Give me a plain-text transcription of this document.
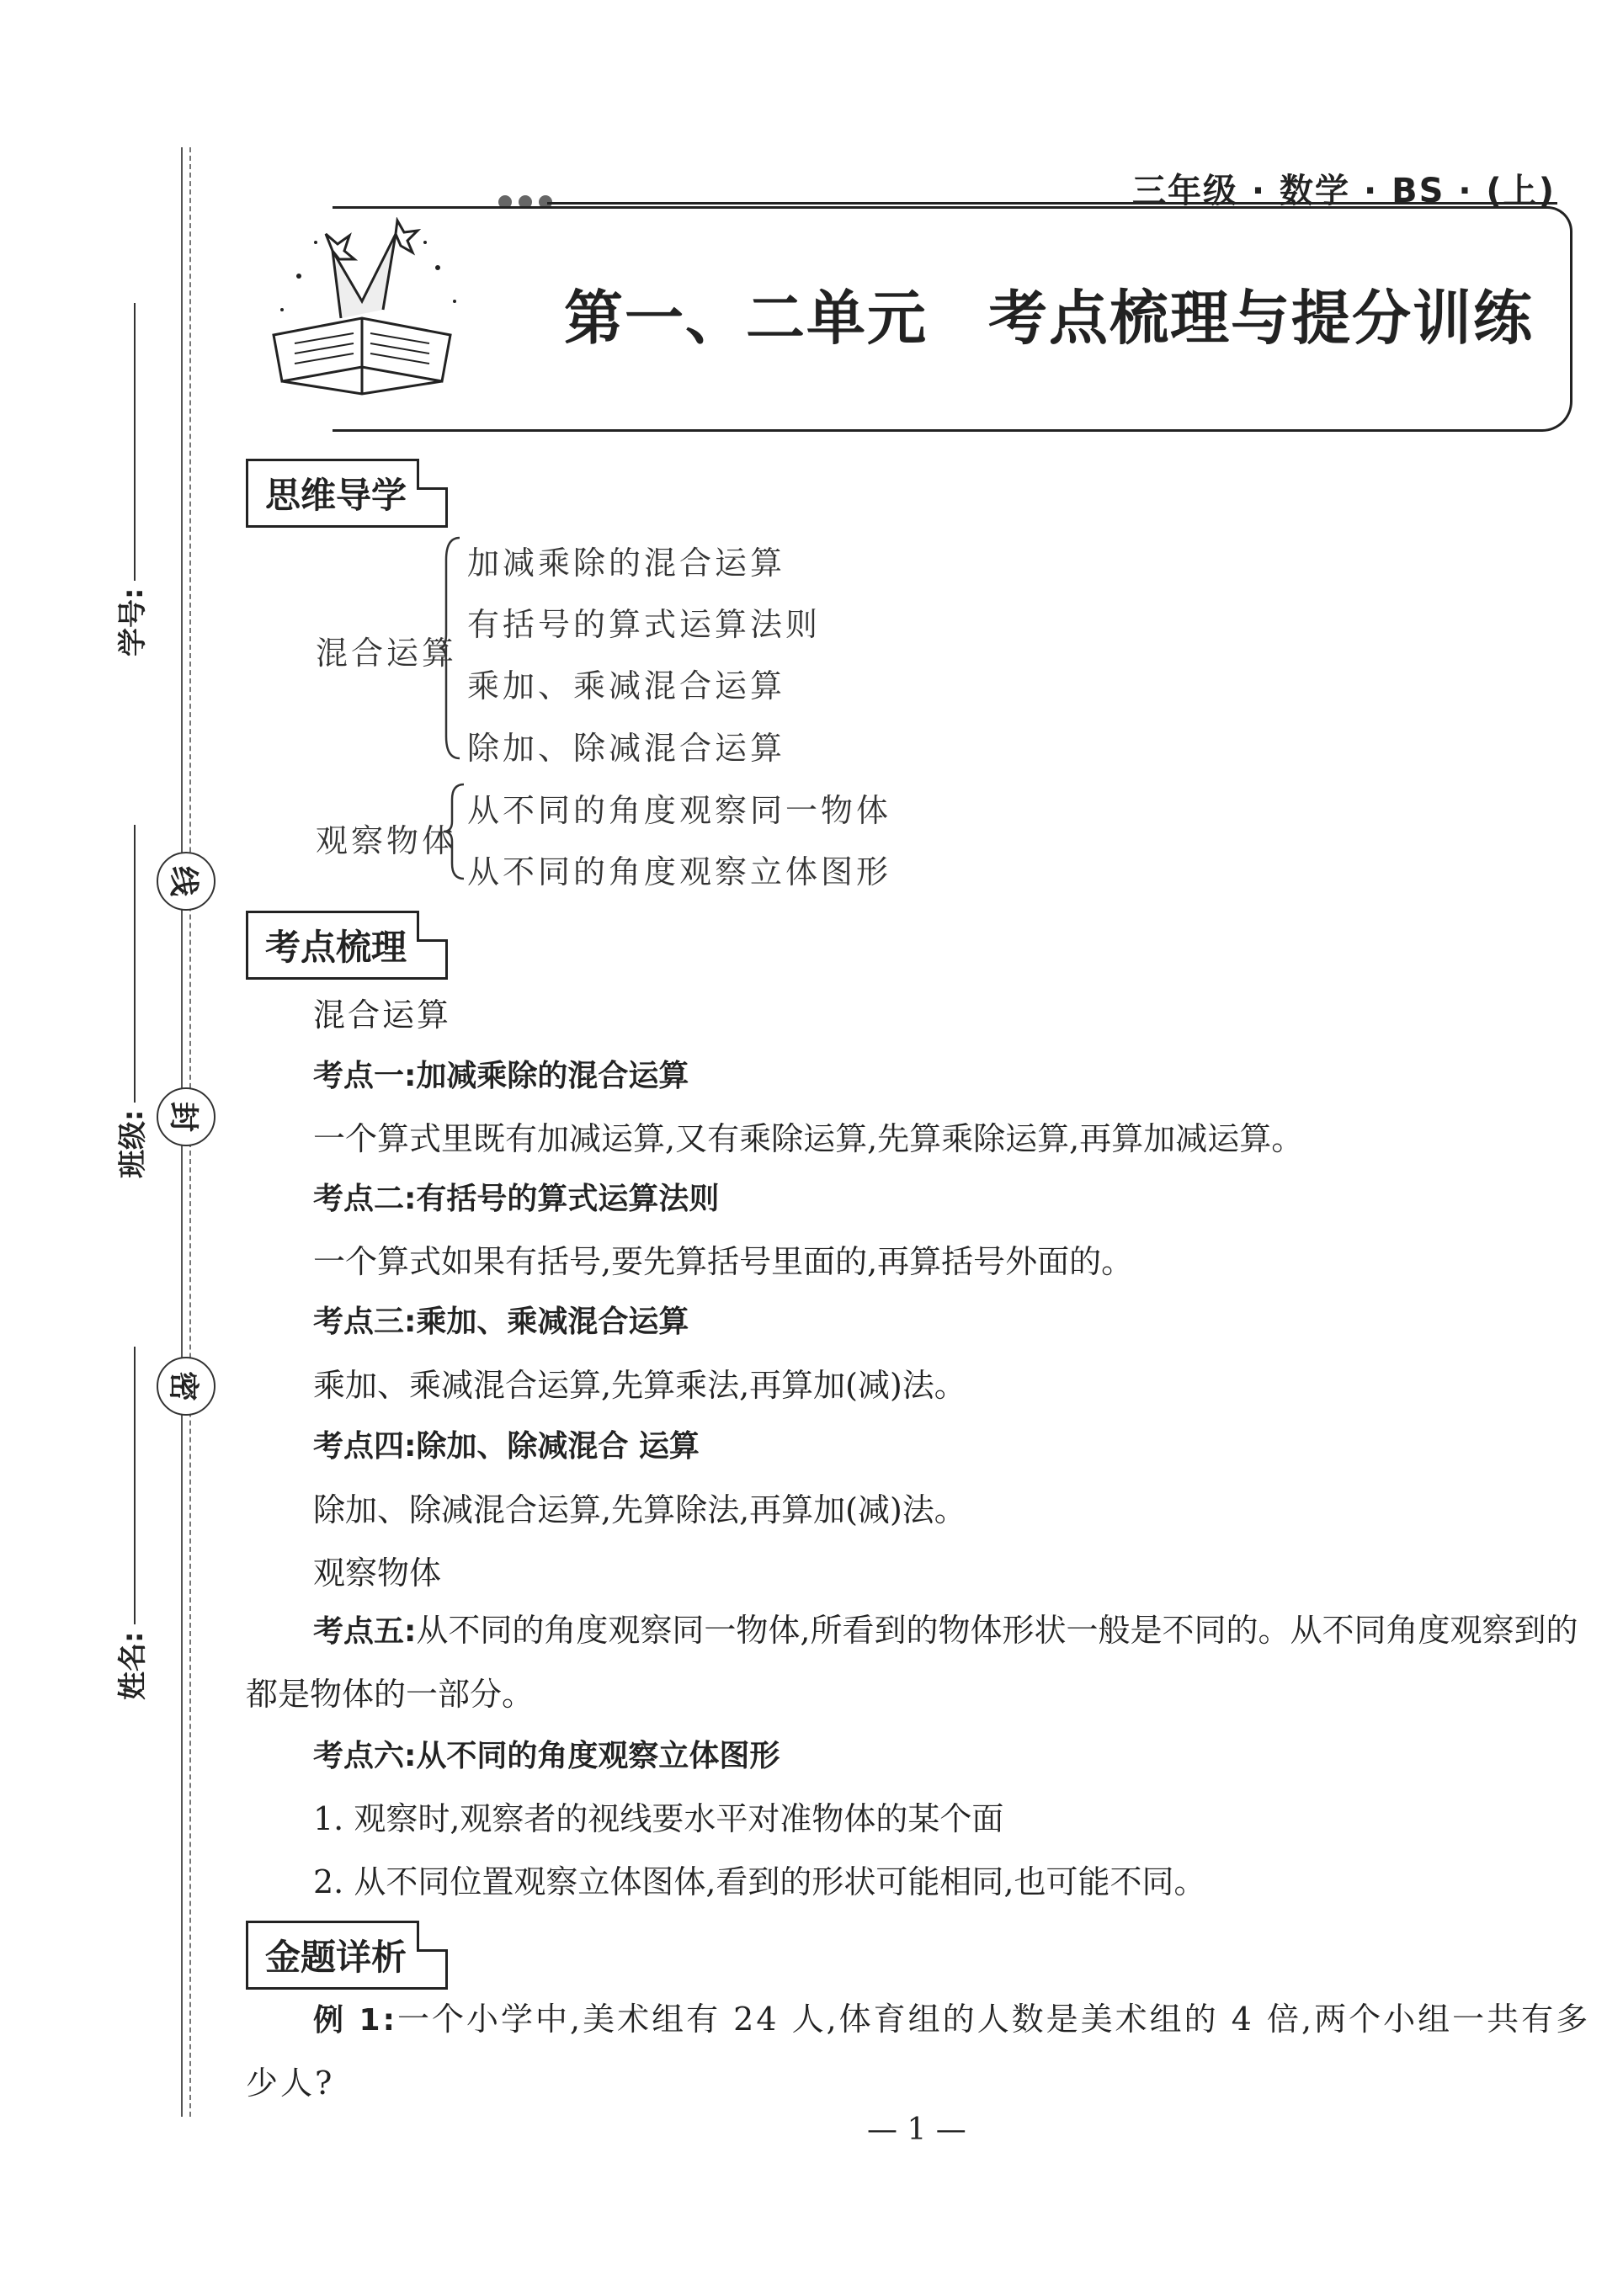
线
封
密
学号:
班级:
姓名:
三年级 · 数学 · BS · (上)
第一、二单元　考点梳理与提分训练
思维导学
混合运算
加减乘除的混合运算
有括号的算式运算法则
乘加、乘减混合运算
除加、除减混合运算
观察物体
从不同的角度观察同一物体
从不同的角度观察立体图形
考点梳理
混合运算
考点一:加减乘除的混合运算
一个算式里既有加减运算,又有乘除运算,先算乘除运算,再算加减运算。
考点二:有括号的算式运算法则
一个算式如果有括号,要先算括号里面的,再算括号外面的。
考点三:乘加、乘减混合运算
乘加、乘减混合运算,先算乘法,再算加(减)法。
考点四:除加、除减混合 运算
除加、除减混合运算,先算除法,再算加(减)法。
观察物体
考点五:从不同的角度观察同一物体,所看到的物体形状一般是不同的。从不同角度观察到的都是物体的一部分。
考点六:从不同的角度观察立体图形
1. 观察时,观察者的视线要水平对准物体的某个面
2. 从不同位置观察立体图体,看到的形状可能相同,也可能不同。
金题详析
例 1:一个小学中,美术组有 24 人,体育组的人数是美术组的 4 倍,两个小组一共有多少人?
— 1 —
